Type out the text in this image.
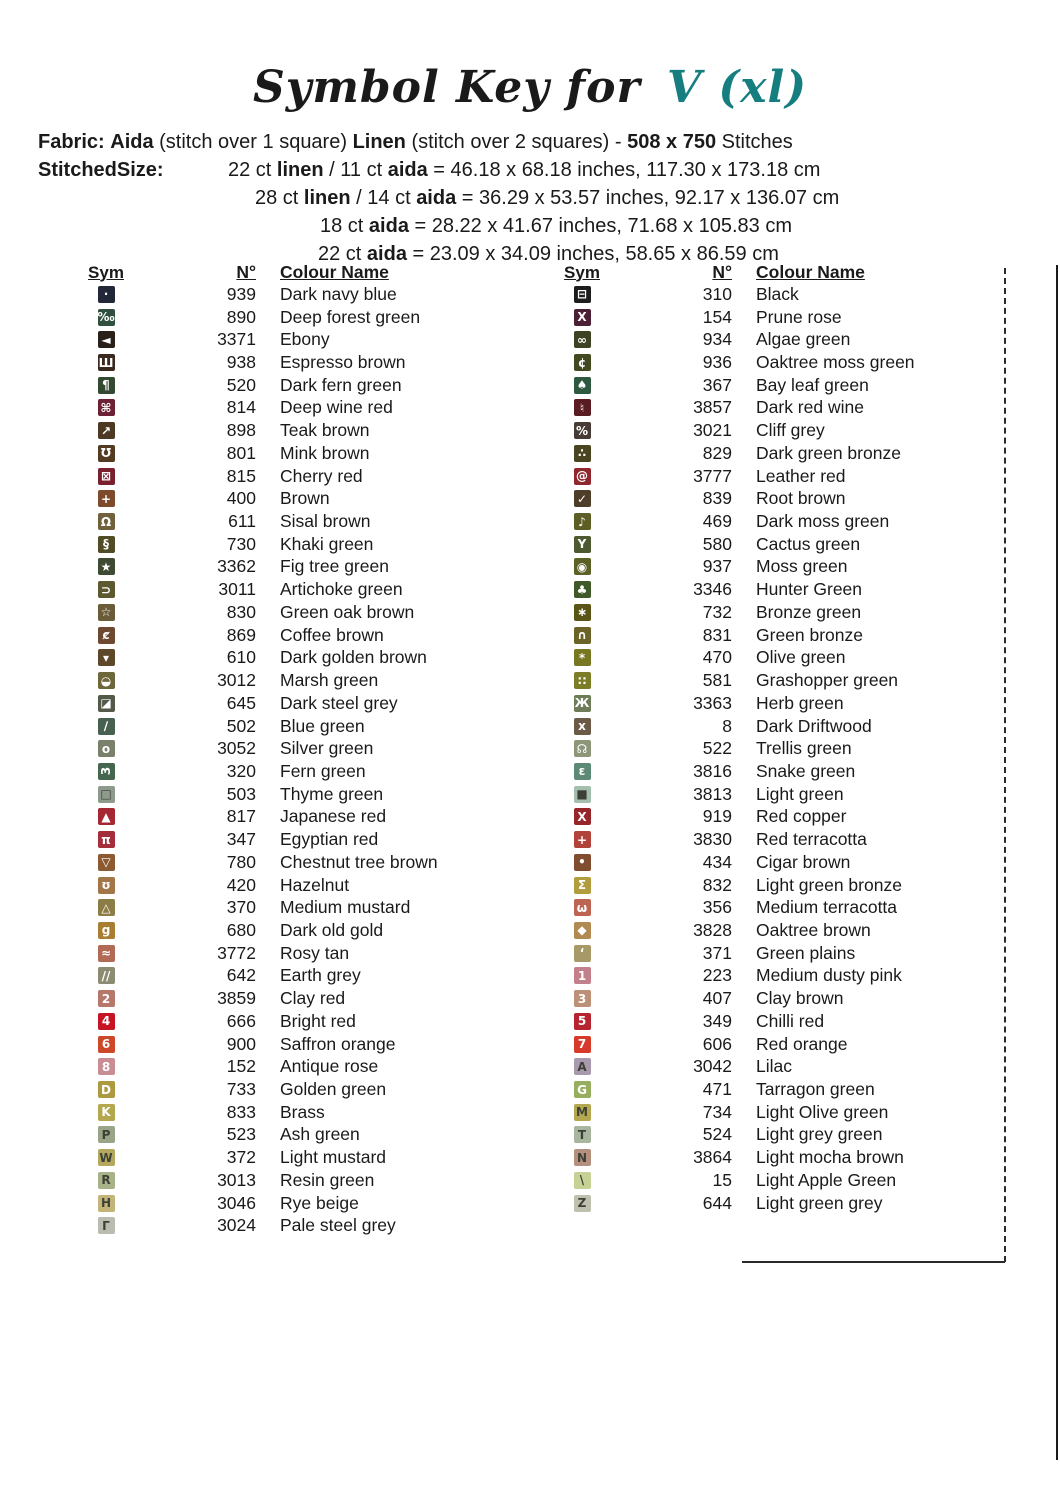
Symbol Key for V (xl)
Fabric: Aida (stitch over 1 square) Linen (stitch over 2 squares) - 508 x 750 Stitches
StitchedSize:	22 ct linen / 11 ct aida = 46.18 x 68.18 inches, 117.30 x 173.18 cm
28 ct linen / 14 ct aida = 36.29 x 53.57 inches, 92.17 x 136.07 cm
18 ct aida = 28.22 x 41.67 inches, 71.68 x 105.83 cm
22 ct aida = 23.09 x 34.09 inches, 58.65 x 86.59 cm
Sym	N° Colour Name
·	939 Dark navy blue
‰	890 Deep forest green
◄	3371 Ebony
Ш	938 Espresso brown
¶	520 Dark fern green
⌘	814 Deep wine red
↗	898 Teak brown
Ʊ	801 Mink brown
⊠	815 Cherry red
+	400 Brown
Ω	611 Sisal brown
§	730 Khaki green
★	3362 Fig tree green
⊃	3011 Artichoke green
☆	830 Green oak brown
ȼ	869 Coffee brown
▾	610 Dark golden brown
◒	3012 Marsh green
◪	645 Dark steel grey
∕	502 Blue green
o	3052 Silver green
3	320 Fern green
□	503 Thyme green
▲	817 Japanese red
π	347 Egyptian red
▽	780 Chestnut tree brown
ʊ	420 Hazelnut
△	370 Medium mustard
g	680 Dark old gold
≈	3772 Rosy tan
//	642 Earth grey
2	3859 Clay red
4	666 Bright red
6	900 Saffron orange
8	152 Antique rose
D	733 Golden green
K	833 Brass
P	523 Ash green
W	372 Light mustard
R	3013 Resin green
H	3046 Rye beige
Γ	3024 Pale steel grey
Sym	N° Colour Name
⊟	310 Black
X	154 Prune rose
∞	934 Algae green
¢	936 Oaktree moss green
♠	367 Bay leaf green
♮	3857 Dark red wine
%	3021 Cliff grey
∴	829 Dark green bronze
@	3777 Leather red
✓	839 Root brown
♪	469 Dark moss green
Y	580 Cactus green
◉	937 Moss green
♣	3346 Hunter Green
∗	732 Bronze green
∩	831 Green bronze
*	470 Olive green
∷	581 Grashopper green
Ж	3363 Herb green
x	8 Dark Driftwood
☊	522 Trellis green
ε	3816 Snake green
■	3813 Light green
X	919 Red copper
+	3830 Red terracotta
•	434 Cigar brown
Σ	832 Light green bronze
ω	356 Medium terracotta
◆	3828 Oaktree brown
‘	371 Green plains
1	223 Medium dusty pink
3	407 Clay brown
5	349 Chilli red
7	606 Red orange
A	3042 Lilac
G	471 Tarragon green
M	734 Light Olive green
T	524 Light grey green
N	3864 Light mocha brown
\	15 Light Apple Green
Z	644 Light green grey
